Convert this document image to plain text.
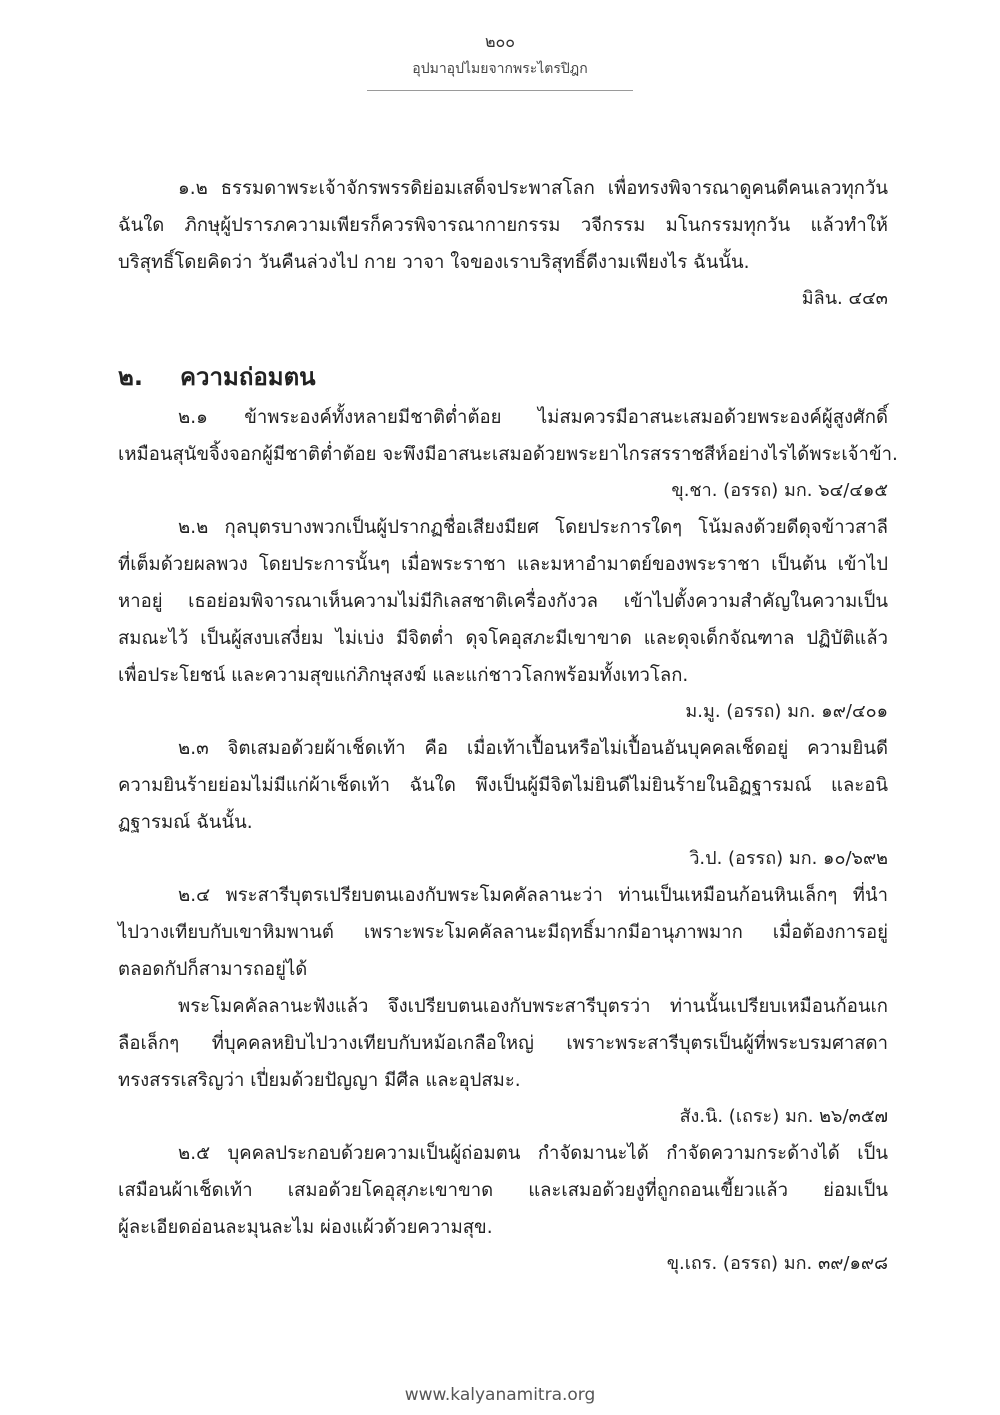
๒๐๐
อุปมาอุปไมยจากพระไตรปิฎก

๑.๒ ธรรมดาพระเจ้าจักรพรรดิย่อมเสด็จประพาสโลก เพื่อทรงพิจารณาดูคนดีคนเลวทุกวัน
ฉันใด ภิกษุผู้ปรารภความเพียรก็ควรพิจารณากายกรรม วจีกรรม มโนกรรมทุกวัน แล้วทำให้
บริสุทธิ์โดยคิดว่า วันคืนล่วงไป กาย วาจา ใจของเราบริสุทธิ์ดีงามเพียงไร ฉันนั้น.

มิลิน. ๔๔๓

๒.	ความถ่อมตน

๒.๑ ข้าพระองค์ทั้งหลายมีชาติต่ำต้อย ไม่สมควรมีอาสนะเสมอด้วยพระองค์ผู้สูงศักดิ์
เหมือนสุนัขจิ้งจอกผู้มีชาติต่ำต้อย จะพึงมีอาสนะเสมอด้วยพระยาไกรสรราชสีห์อย่างไรได้พระเจ้าข้า.

ขุ.ชา. (อรรถ) มก. ๖๔/๔๑๕

๒.๒ กุลบุตรบางพวกเป็นผู้ปรากฏชื่อเสียงมียศ โดยประการใดๆ โน้มลงด้วยดีดุจข้าวสาลี
ที่เต็มด้วยผลพวง โดยประการนั้นๆ เมื่อพระราชา และมหาอำมาตย์ของพระราชา เป็นต้น เข้าไป
หาอยู่ เธอย่อมพิจารณาเห็นความไม่มีกิเลสชาติเครื่องกังวล เข้าไปตั้งความสำคัญในความเป็น
สมณะไว้ เป็นผู้สงบเสงี่ยม ไม่เบ่ง มีจิตต่ำ ดุจโคอุสภะมีเขาขาด และดุจเด็กจัณฑาล ปฏิบัติแล้ว
เพื่อประโยชน์ และความสุขแก่ภิกษุสงฆ์ และแก่ชาวโลกพร้อมทั้งเทวโลก.

ม.มู. (อรรถ) มก. ๑๙/๔๐๑

๒.๓ จิตเสมอด้วยผ้าเช็ดเท้า คือ เมื่อเท้าเปื้อนหรือไม่เปื้อนอันบุคคลเช็ดอยู่ ความยินดี
ความยินร้ายย่อมไม่มีแก่ผ้าเช็ดเท้า ฉันใด พึงเป็นผู้มีจิตไม่ยินดีไม่ยินร้ายในอิฏฐารมณ์ และอนิ
ฏฐารมณ์ ฉันนั้น.

วิ.ป. (อรรถ) มก. ๑๐/๖๙๒

๒.๔ พระสารีบุตรเปรียบตนเองกับพระโมคคัลลานะว่า ท่านเป็นเหมือนก้อนหินเล็กๆ ที่นำ
ไปวางเทียบกับเขาหิมพานต์ เพราะพระโมคคัลลานะมีฤทธิ์มากมีอานุภาพมาก เมื่อต้องการอยู่
ตลอดกัปก็สามารถอยู่ได้

พระโมคคัลลานะฟังแล้ว จึงเปรียบตนเองกับพระสารีบุตรว่า ท่านนั้นเปรียบเหมือนก้อนเก
ลือเล็กๆ ที่บุคคลหยิบไปวางเทียบกับหม้อเกลือใหญ่ เพราะพระสารีบุตรเป็นผู้ที่พระบรมศาสดา
ทรงสรรเสริญว่า เปี่ยมด้วยปัญญา มีศีล และอุปสมะ.

สัง.นิ. (เถระ) มก. ๒๖/๓๕๗

๒.๕ บุคคลประกอบด้วยความเป็นผู้ถ่อมตน กำจัดมานะได้ กำจัดความกระด้างได้ เป็น
เสมือนผ้าเช็ดเท้า เสมอด้วยโคอุสุภะเขาขาด และเสมอด้วยงูที่ถูกถอนเขี้ยวแล้ว ย่อมเป็น
ผู้ละเอียดอ่อนละมุนละไม ผ่องแผ้วด้วยความสุข.

ขุ.เถร. (อรรถ) มก. ๓๙/๑๙๘

www.kalyanamitra.org
